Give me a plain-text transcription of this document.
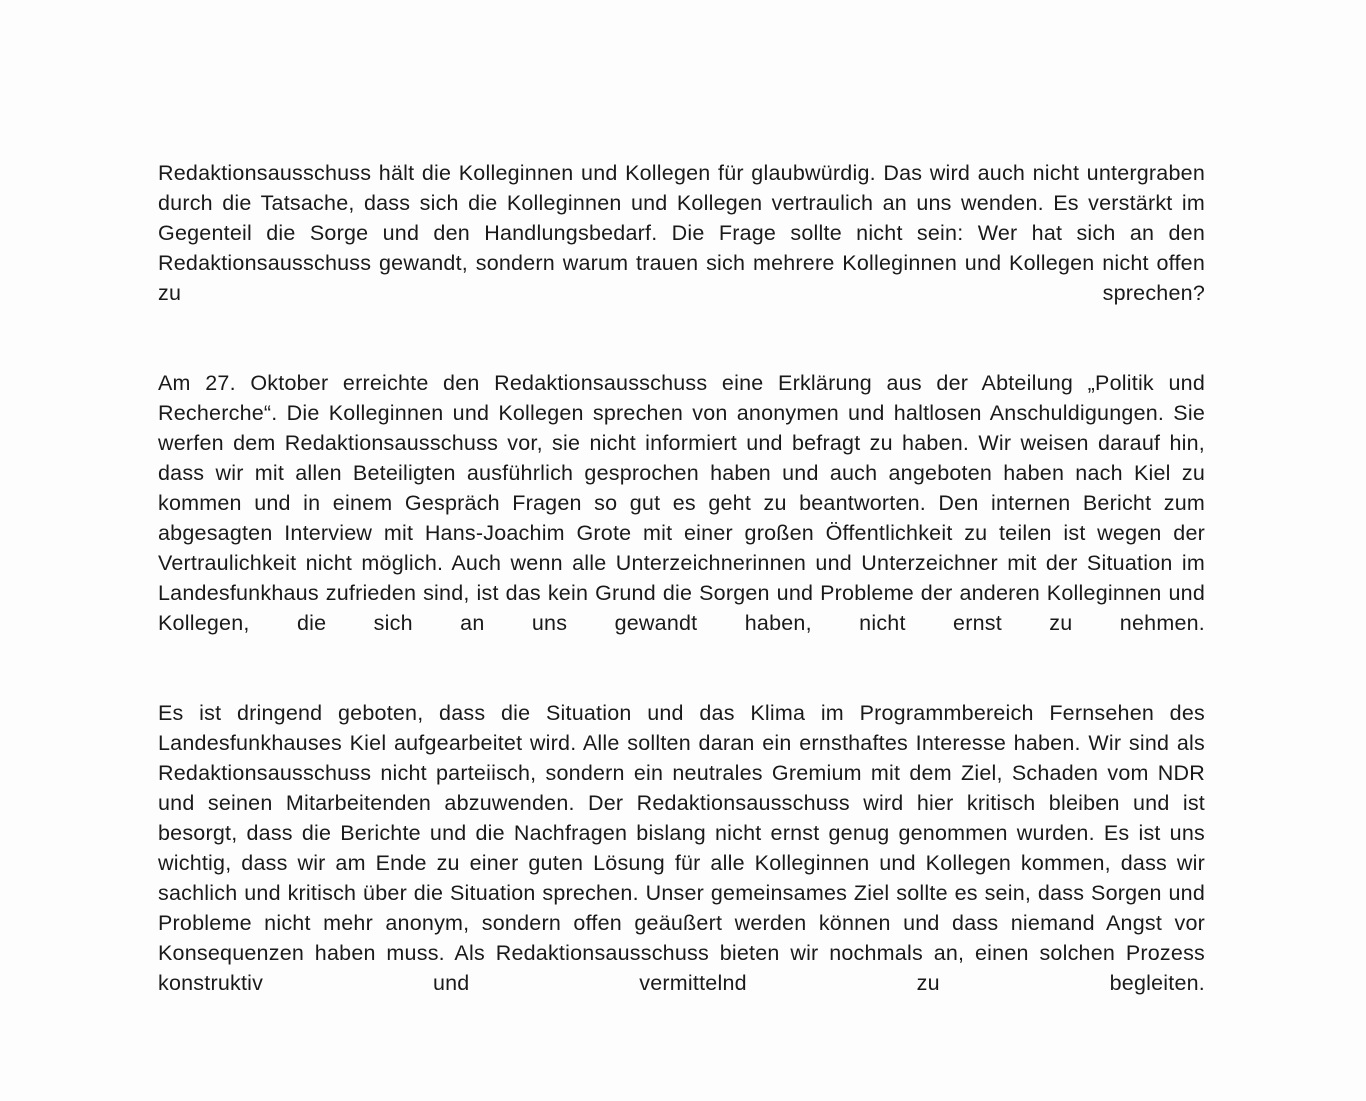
Redaktionsausschuss hält die Kolleginnen und Kollegen für glaubwürdig. Das wird auch nicht untergraben durch die Tatsache, dass sich die Kolleginnen und Kollegen vertraulich an uns wenden. Es verstärkt im Gegenteil die Sorge und den Handlungsbedarf. Die Frage sollte nicht sein: Wer hat sich an den Redaktionsausschuss gewandt, sondern warum trauen sich mehrere Kolleginnen und Kollegen nicht offen zu sprechen?

Am 27. Oktober erreichte den Redaktionsausschuss eine Erklärung aus der Abteilung „Politik und Recherche“. Die Kolleginnen und Kollegen sprechen von anonymen und haltlosen Anschuldigungen. Sie werfen dem Redaktionsausschuss vor, sie nicht informiert und befragt zu haben. Wir weisen darauf hin, dass wir mit allen Beteiligten ausführlich gesprochen haben und auch angeboten haben nach Kiel zu kommen und in einem Gespräch Fragen so gut es geht zu beantworten. Den internen Bericht zum abgesagten Interview mit Hans-Joachim Grote mit einer großen Öffentlichkeit zu teilen ist wegen der Vertraulichkeit nicht möglich. Auch wenn alle Unterzeichnerinnen und Unterzeichner mit der Situation im Landesfunkhaus zufrieden sind, ist das kein Grund die Sorgen und Probleme der anderen Kolleginnen und Kollegen, die sich an uns gewandt haben, nicht ernst zu nehmen.

Es ist dringend geboten, dass die Situation und das Klima im Programmbereich Fernsehen des Landesfunkhauses Kiel aufgearbeitet wird. Alle sollten daran ein ernsthaftes Interesse haben. Wir sind als Redaktionsausschuss nicht parteiisch, sondern ein neutrales Gremium mit dem Ziel, Schaden vom NDR und seinen Mitarbeitenden abzuwenden. Der Redaktionsausschuss wird hier kritisch bleiben und ist besorgt, dass die Berichte und die Nachfragen bislang nicht ernst genug genommen wurden. Es ist uns wichtig, dass wir am Ende zu einer guten Lösung für alle Kolleginnen und Kollegen kommen, dass wir sachlich und kritisch über die Situation sprechen. Unser gemeinsames Ziel sollte es sein, dass Sorgen und Probleme nicht mehr anonym, sondern offen geäußert werden können und dass niemand Angst vor Konsequenzen haben muss. Als Redaktionsausschuss bieten wir nochmals an, einen solchen Prozess konstruktiv und vermittelnd zu begleiten.
